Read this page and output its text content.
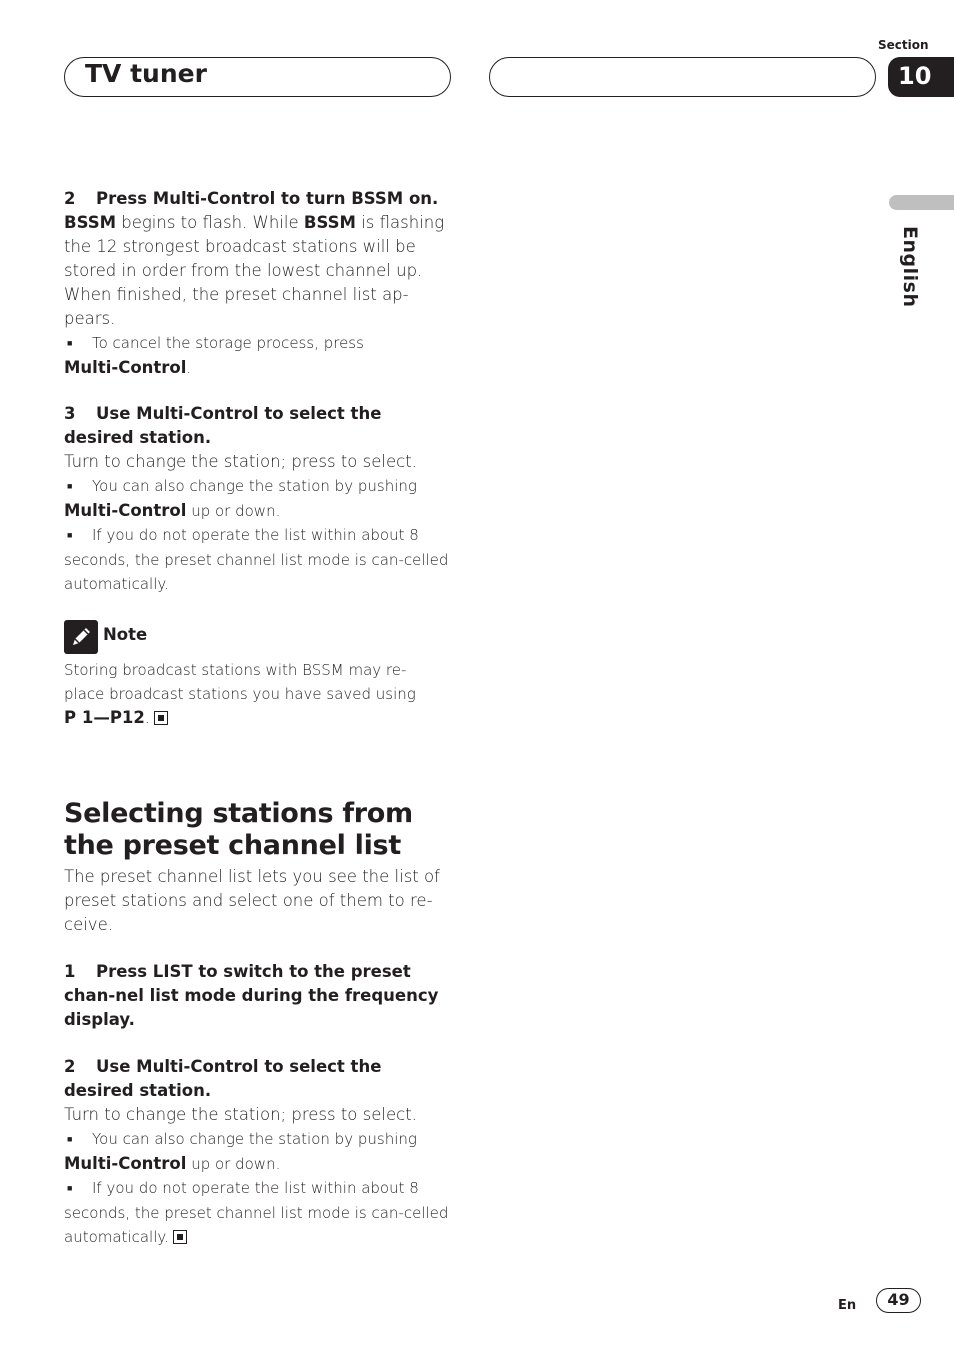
TV tuner
Section
10
English

2 Press Multi-Control to turn BSSM on.

BSSM begins to flash. While BSSM is flashing the 12 strongest broadcast stations will be stored in order from the lowest channel up. When finished, the preset channel list ap-pears.

■ To cancel the storage process, press

Multi-Control.

3 Use Multi-Control to select the desired station.

Turn to change the station; press to select.

■ You can also change the station by pushing

Multi-Control up or down.

■ If you do not operate the list within about 8 seconds, the preset channel list mode is can-celled automatically.

Note
Storing broadcast stations with BSSM may re-place broadcast stations you have saved using
P 1—P12.

Selecting stations from the preset channel list

The preset channel list lets you see the list of preset stations and select one of them to re-ceive.

1 Press LIST to switch to the preset chan-nel list mode during the frequency display.

2 Use Multi-Control to select the desired station.

Turn to change the station; press to select.

■ You can also change the station by pushing

Multi-Control up or down.

■ If you do not operate the list within about 8 seconds, the preset channel list mode is can-celled automatically.

En	49
